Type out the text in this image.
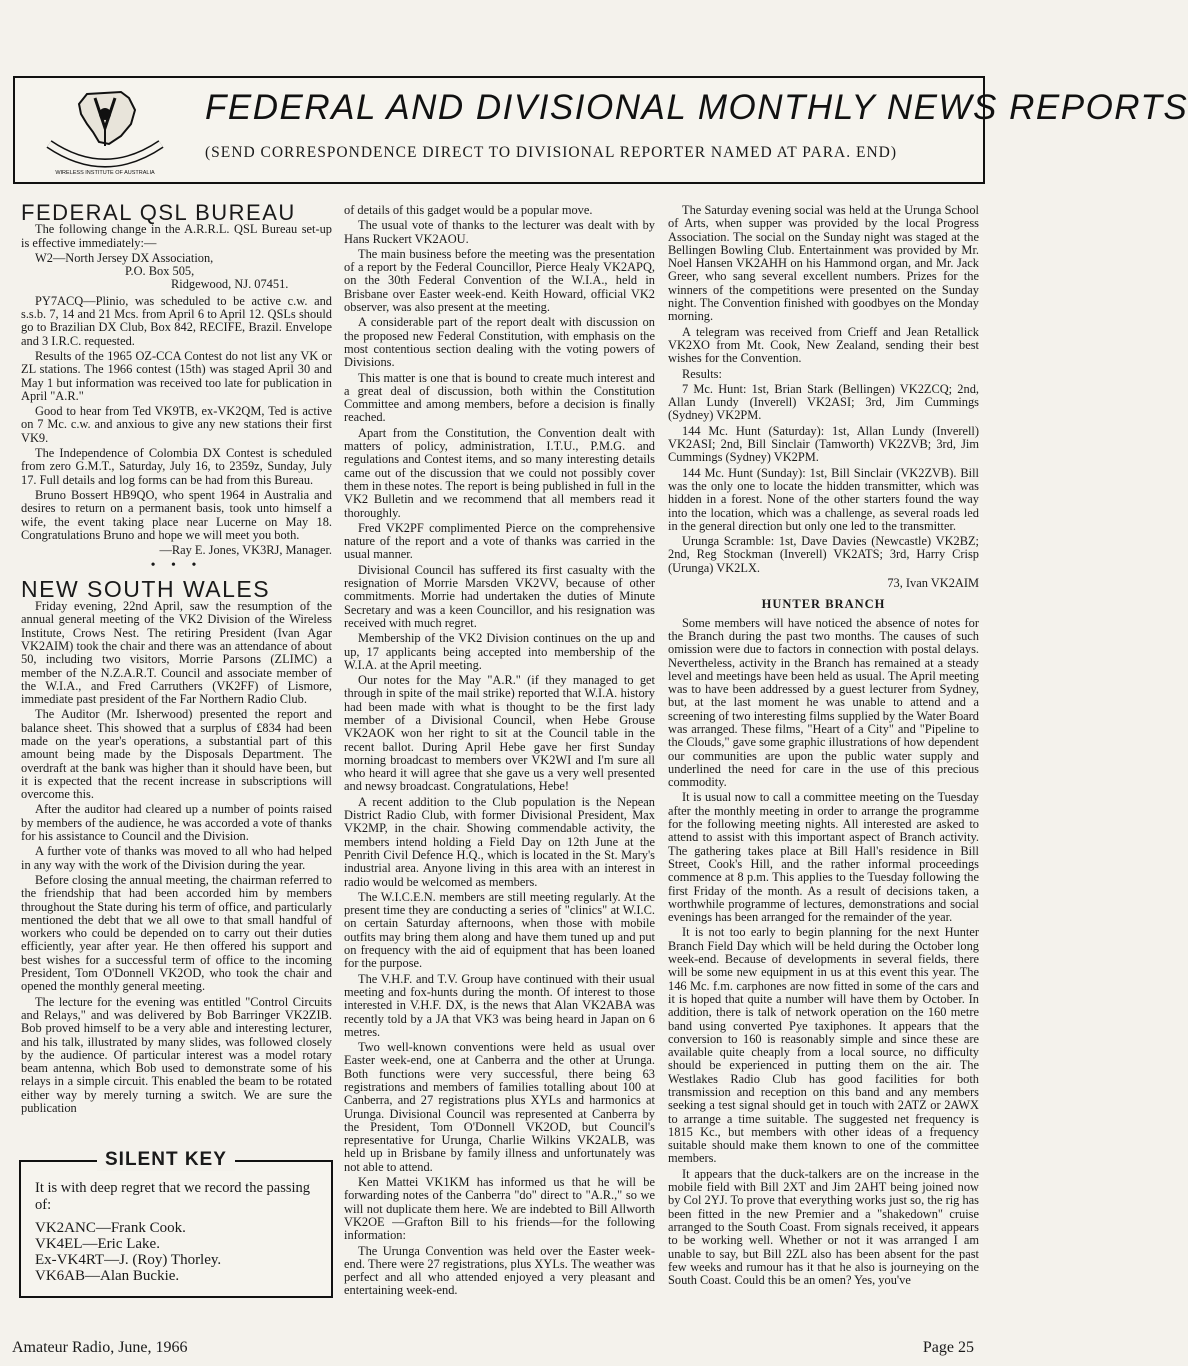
WIRELESS INSTITUTE OF AUSTRALIA
FEDERAL AND DIVISIONAL MONTHLY NEWS REPORTS
(SEND CORRESPONDENCE DIRECT TO DIVISIONAL REPORTER NAMED AT PARA. END)
FEDERAL QSL BUREAU

The following change in the A.R.R.L. QSL Bureau set-up is effective immediately:—

W2—North Jersey DX Association,
P.O. Box 505,
Ridgewood, NJ. 07451.

PY7ACQ—Plinio, was scheduled to be active c.w. and s.s.b. 7, 14 and 21 Mcs. from April 6 to April 12. QSLs should go to Brazilian DX Club, Box 842, RECIFE, Brazil. Envelope and 3 I.R.C. requested.

Results of the 1965 OZ-CCA Contest do not list any VK or ZL stations. The 1966 contest (15th) was staged April 30 and May 1 but information was received too late for publication in April "A.R."

Good to hear from Ted VK9TB, ex-VK2QM, Ted is active on 7 Mc. c.w. and anxious to give any new stations their first VK9.

The Independence of Colombia DX Contest is scheduled from zero G.M.T., Saturday, July 16, to 2359z, Sunday, July 17. Full details and log forms can be had from this Bureau.

Bruno Bossert HB9QO, who spent 1964 in Australia and desires to return on a permanent basis, took unto himself a wife, the event taking place near Lucerne on May 18. Congratulations Bruno and hope we will meet you both.

—Ray E. Jones, VK3RJ, Manager.
• • •
NEW SOUTH WALES

Friday evening, 22nd April, saw the resumption of the annual general meeting of the VK2 Division of the Wireless Institute, Crows Nest. The retiring President (Ivan Agar VK2AIM) took the chair and there was an attendance of about 50, including two visitors, Morrie Parsons (ZLIMC) a member of the N.Z.A.R.T. Council and associate member of the W.I.A., and Fred Carruthers (VK2FF) of Lismore, immediate past president of the Far Northern Radio Club.

The Auditor (Mr. Isherwood) presented the report and balance sheet. This showed that a surplus of £834 had been made on the year's operations, a substantial part of this amount being made by the Disposals Department. The overdraft at the bank was higher than it should have been, but it is expected that the recent increase in subscriptions will overcome this.

After the auditor had cleared up a number of points raised by members of the audience, he was accorded a vote of thanks for his assistance to Council and the Division.

A further vote of thanks was moved to all who had helped in any way with the work of the Division during the year.

Before closing the annual meeting, the chairman referred to the friendship that had been accorded him by members throughout the State during his term of office, and particularly mentioned the debt that we all owe to that small handful of workers who could be depended on to carry out their duties efficiently, year after year. He then offered his support and best wishes for a successful term of office to the incoming President, Tom O'Donnell VK2OD, who took the chair and opened the monthly general meeting.

The lecture for the evening was entitled "Control Circuits and Relays," and was delivered by Bob Barringer VK2ZIB. Bob proved himself to be a very able and interesting lecturer, and his talk, illustrated by many slides, was followed closely by the audience. Of particular interest was a model rotary beam antenna, which Bob used to demonstrate some of his relays in a simple circuit. This enabled the beam to be rotated either way by merely turning a switch. We are sure the publication

SILENT KEY
It is with deep regret that we record the passing of:
VK2ANC—Frank Cook.
VK4EL—Eric Lake.
Ex-VK4RT—J. (Roy) Thorley.
VK6AB—Alan Buckie.

of details of this gadget would be a popular move.

The usual vote of thanks to the lecturer was dealt with by Hans Ruckert VK2AOU.

The main business before the meeting was the presentation of a report by the Federal Councillor, Pierce Healy VK2APQ, on the 30th Federal Convention of the W.I.A., held in Brisbane over Easter week-end. Keith Howard, official VK2 observer, was also present at the meeting.

A considerable part of the report dealt with discussion on the proposed new Federal Constitution, with emphasis on the most contentious section dealing with the voting powers of Divisions.

This matter is one that is bound to create much interest and a great deal of discussion, both within the Constitution Committee and among members, before a decision is finally reached.

Apart from the Constitution, the Convention dealt with matters of policy, administration, I.T.U., P.M.G. and regulations and Contest items, and so many interesting details came out of the discussion that we could not possibly cover them in these notes. The report is being published in full in the VK2 Bulletin and we recommend that all members read it thoroughly.

Fred VK2PF complimented Pierce on the comprehensive nature of the report and a vote of thanks was carried in the usual manner.

Divisional Council has suffered its first casualty with the resignation of Morrie Marsden VK2VV, because of other commitments. Morrie had undertaken the duties of Minute Secretary and was a keen Councillor, and his resignation was received with much regret.

Membership of the VK2 Division continues on the up and up, 17 applicants being accepted into membership of the W.I.A. at the April meeting.

Our notes for the May "A.R." (if they managed to get through in spite of the mail strike) reported that W.I.A. history had been made with what is thought to be the first lady member of a Divisional Council, when Hebe Grouse VK2AOK won her right to sit at the Council table in the recent ballot. During April Hebe gave her first Sunday morning broadcast to members over VK2WI and I'm sure all who heard it will agree that she gave us a very well presented and newsy broadcast. Congratulations, Hebe!

A recent addition to the Club population is the Nepean District Radio Club, with former Divisional President, Max VK2MP, in the chair. Showing commendable activity, the members intend holding a Field Day on 12th June at the Penrith Civil Defence H.Q., which is located in the St. Mary's industrial area. Anyone living in this area with an interest in radio would be welcomed as members.

The W.I.C.E.N. members are still meeting regularly. At the present time they are conducting a series of "clinics" at W.I.C. on certain Saturday afternoons, when those with mobile outfits may bring them along and have them tuned up and put on frequency with the aid of equipment that has been loaned for the purpose.

The V.H.F. and T.V. Group have continued with their usual meeting and fox-hunts during the month. Of interest to those interested in V.H.F. DX, is the news that Alan VK2ABA was recently told by a JA that VK3 was being heard in Japan on 6 metres.

Two well-known conventions were held as usual over Easter week-end, one at Canberra and the other at Urunga. Both functions were very successful, there being 63 registrations and members of families totalling about 100 at Canberra, and 27 registrations plus XYLs and harmonics at Urunga. Divisional Council was represented at Canberra by the President, Tom O'Donnell VK2OD, but Council's representative for Urunga, Charlie Wilkins VK2ALB, was held up in Brisbane by family illness and unfortunately was not able to attend.

Ken Mattei VK1KM has informed us that he will be forwarding notes of the Canberra "do" direct to "A.R.," so we will not duplicate them here. We are indebted to Bill Allworth VK2OE —Grafton Bill to his friends—for the following information:

The Urunga Convention was held over the Easter week-end. There were 27 registrations, plus XYLs. The weather was perfect and all who attended enjoyed a very pleasant and entertaining week-end.

The Saturday evening social was held at the Urunga School of Arts, when supper was provided by the local Progress Association. The social on the Sunday night was staged at the Bellingen Bowling Club. Entertainment was provided by Mr. Noel Hansen VK2AHH on his Hammond organ, and Mr. Jack Greer, who sang several excellent numbers. Prizes for the winners of the competitions were presented on the Sunday night. The Convention finished with goodbyes on the Monday morning.

A telegram was received from Crieff and Jean Retallick VK2XO from Mt. Cook, New Zealand, sending their best wishes for the Convention.

Results:

7 Mc. Hunt: 1st, Brian Stark (Bellingen) VK2ZCQ; 2nd, Allan Lundy (Inverell) VK2ASI; 3rd, Jim Cummings (Sydney) VK2PM.

144 Mc. Hunt (Saturday): 1st, Allan Lundy (Inverell) VK2ASI; 2nd, Bill Sinclair (Tamworth) VK2ZVB; 3rd, Jim Cummings (Sydney) VK2PM.

144 Mc. Hunt (Sunday): 1st, Bill Sinclair (VK2ZVB). Bill was the only one to locate the hidden transmitter, which was hidden in a forest. None of the other starters found the way into the location, which was a challenge, as several roads led in the general direction but only one led to the transmitter.

Urunga Scramble: 1st, Dave Davies (Newcastle) VK2BZ; 2nd, Reg Stockman (Inverell) VK2ATS; 3rd, Harry Crisp (Urunga) VK2LX.

73, Ivan VK2AIM
HUNTER BRANCH

Some members will have noticed the absence of notes for the Branch during the past two months. The causes of such omission were due to factors in connection with postal delays. Nevertheless, activity in the Branch has remained at a steady level and meetings have been held as usual. The April meeting was to have been addressed by a guest lecturer from Sydney, but, at the last moment he was unable to attend and a screening of two interesting films supplied by the Water Board was arranged. These films, "Heart of a City" and "Pipeline to the Clouds," gave some graphic illustrations of how dependent our communities are upon the public water supply and underlined the need for care in the use of this precious commodity.

It is usual now to call a committee meeting on the Tuesday after the monthly meeting in order to arrange the programme for the following meeting nights. All interested are asked to attend to assist with this important aspect of Branch activity. The gathering takes place at Bill Hall's residence in Bill Street, Cook's Hill, and the rather informal proceedings commence at 8 p.m. This applies to the Tuesday following the first Friday of the month. As a result of decisions taken, a worthwhile programme of lectures, demonstrations and social evenings has been arranged for the remainder of the year.

It is not too early to begin planning for the next Hunter Branch Field Day which will be held during the October long week-end. Because of developments in several fields, there will be some new equipment in us at this event this year. The 146 Mc. f.m. carphones are now fitted in some of the cars and it is hoped that quite a number will have them by October. In addition, there is talk of network operation on the 160 metre band using converted Pye taxiphones. It appears that the conversion to 160 is reasonably simple and since these are available quite cheaply from a local source, no difficulty should be experienced in putting them on the air. The Westlakes Radio Club has good facilities for both transmission and reception on this band and any members seeking a test signal should get in touch with 2ATZ or 2AWX to arrange a time suitable. The suggested net frequency is 1815 Kc., but members with other ideas of a frequency suitable should make them known to one of the committee members.

It appears that the duck-talkers are on the increase in the mobile field with Bill 2XT and Jim 2AHT being joined now by Col 2YJ. To prove that everything works just so, the rig has been fitted in the new Premier and a "shakedown" cruise arranged to the South Coast. From signals received, it appears to be working well. Whether or not it was arranged I am unable to say, but Bill 2ZL also has been absent for the past few weeks and rumour has it that he also is journeying on the South Coast. Could this be an omen? Yes, you've

Amateur Radio, June, 1966	Page 25
